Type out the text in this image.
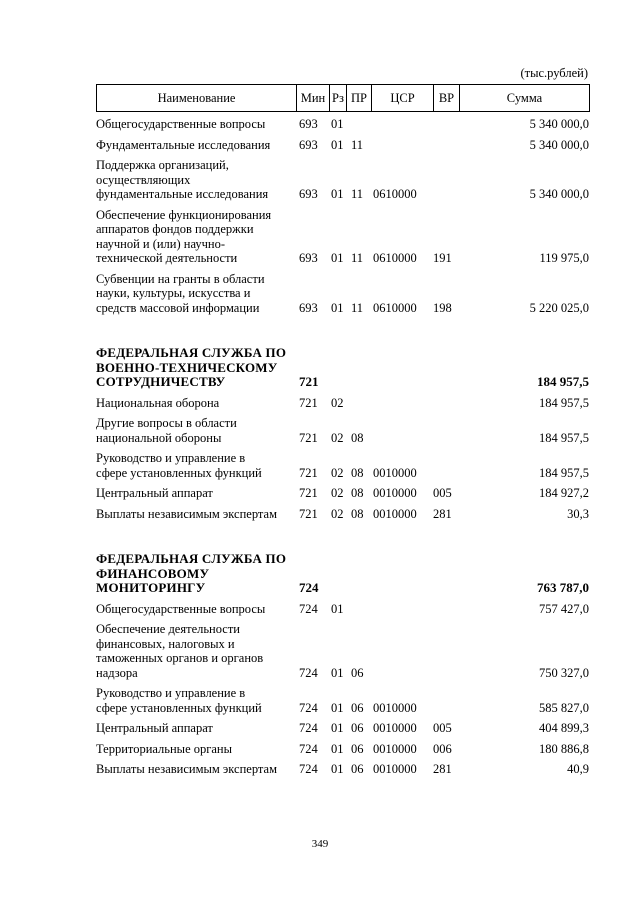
(тыс.рублей)
Наименование	Мин	Рз	ПР	ЦСР	ВР	Сумма
Общегосударственные вопросы	693	01				5 340 000,0
Фундаментальные исследования	693	01	11			5 340 000,0
Поддержка организаций,
осуществляющих
фундаментальные исследования	693	01	11	0610000		5 340 000,0
Обеспечение функционирования
аппаратов фондов поддержки
научной и (или) научно-
технической деятельности	693	01	11	0610000	191	119 975,0
Субвенции на гранты в области
науки, культуры, искусства и
средств массовой информации	693	01	11	0610000	198	5 220 025,0
ФЕДЕРАЛЬНАЯ СЛУЖБА ПО
ВОЕННО-ТЕХНИЧЕСКОМУ
СОТРУДНИЧЕСТВУ	721					184 957,5
Национальная оборона	721	02				184 957,5
Другие вопросы в области
национальной обороны	721	02	08			184 957,5
Руководство и управление в
сфере установленных функций	721	02	08	0010000		184 957,5
Центральный аппарат	721	02	08	0010000	005	184 927,2
Выплаты независимым экспертам	721	02	08	0010000	281	30,3
ФЕДЕРАЛЬНАЯ СЛУЖБА ПО
ФИНАНСОВОМУ
МОНИТОРИНГУ	724					763 787,0
Общегосударственные вопросы	724	01				757 427,0
Обеспечение деятельности
финансовых, налоговых и
таможенных органов и органов
надзора	724	01	06			750 327,0
Руководство и управление в
сфере установленных функций	724	01	06	0010000		585 827,0
Центральный аппарат	724	01	06	0010000	005	404 899,3
Территориальные органы	724	01	06	0010000	006	180 886,8
Выплаты независимым экспертам	724	01	06	0010000	281	40,9
349
